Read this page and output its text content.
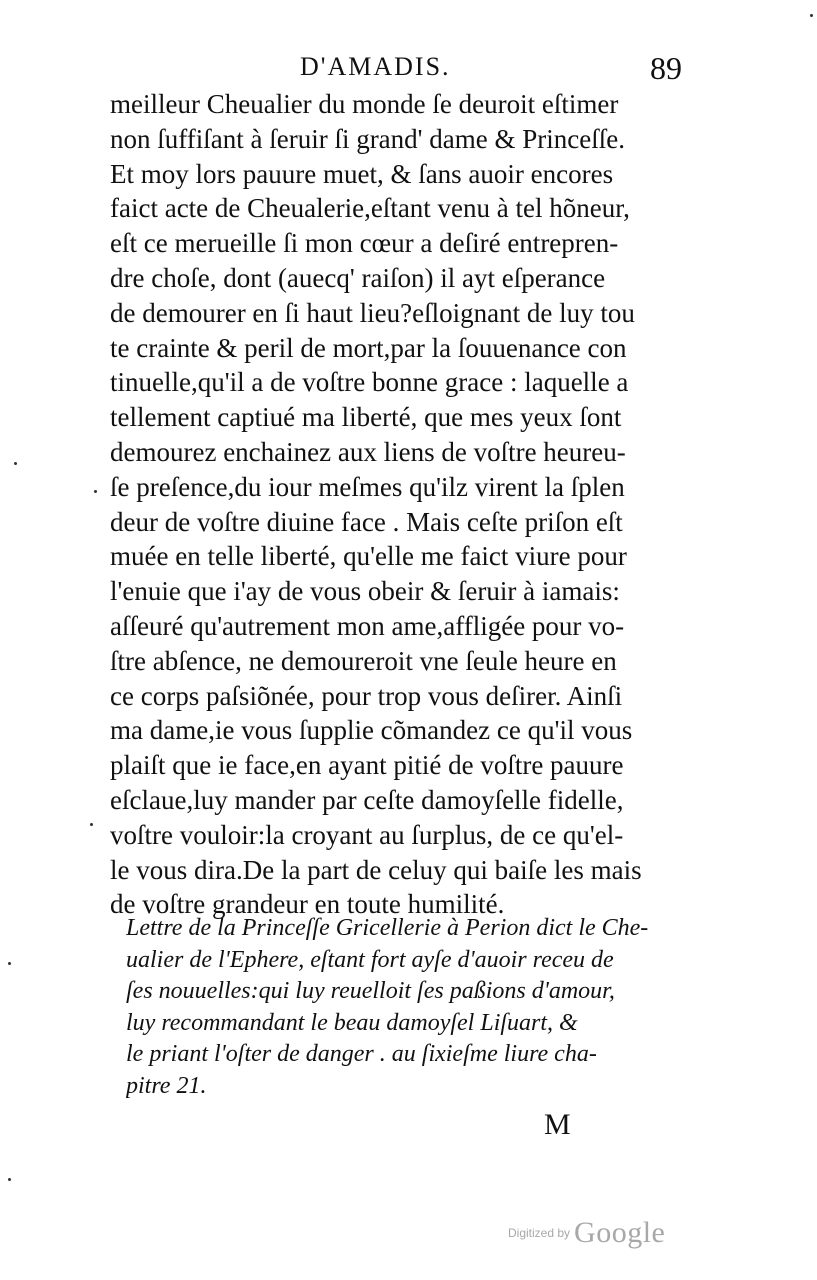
D'AMADIS.	89
meilleur Cheualier du monde ſe deuroit eſtimer
non ſuffiſant à ſeruir ſi grand' dame & Princeſſe.
Et moy lors pauure muet, & ſans auoir encores
faict acte de Cheualerie,eſtant venu à tel hõneur,
eſt ce merueille ſi mon cœur a deſiré entrepren-
dre choſe, dont (auecq' raiſon) il ayt eſperance
de demourer en ſi haut lieu?eſloignant de luy tou
te crainte & peril de mort,par la ſouuenance con
tinuelle,qu'il a de voſtre bonne grace : laquelle a
tellement captiué ma liberté, que mes yeux ſont
demourez enchainez aux liens de voſtre heureu-
ſe preſence,du iour meſmes qu'ilz virent la ſplen
deur de voſtre diuine face . Mais ceſte priſon eſt
muée en telle liberté, qu'elle me faict viure pour
l'enuie que i'ay de vous obeir & ſeruir à iamais:
aſſeuré qu'autrement mon ame,affligée pour vo-
ſtre abſence, ne demoureroit vne ſeule heure en
ce corps paſsiõnée, pour trop vous deſirer. Ainſi
ma dame,ie vous ſupplie cõmandez ce qu'il vous
plaiſt que ie face,en ayant pitié de voſtre pauure
eſclaue,luy mander par ceſte damoyſelle fidelle,
voſtre vouloir:la croyant au ſurplus, de ce qu'el-
le vous dira.De la part de celuy qui baiſe les mais
de voſtre grandeur en toute humilité.
Lettre de la Princeſſe Gricellerie à Perion dict le Che-
ualier de l'Ephere, eſtant fort ayſe d'auoir receu de
ſes nouuelles:qui luy reuelloit ſes paßions d'amour,
luy recommandant le beau damoyſel Liſuart, &
le priant l'oſter de danger . au ſixieſme liure cha-
pitre 21.
M
Digitized by Google
